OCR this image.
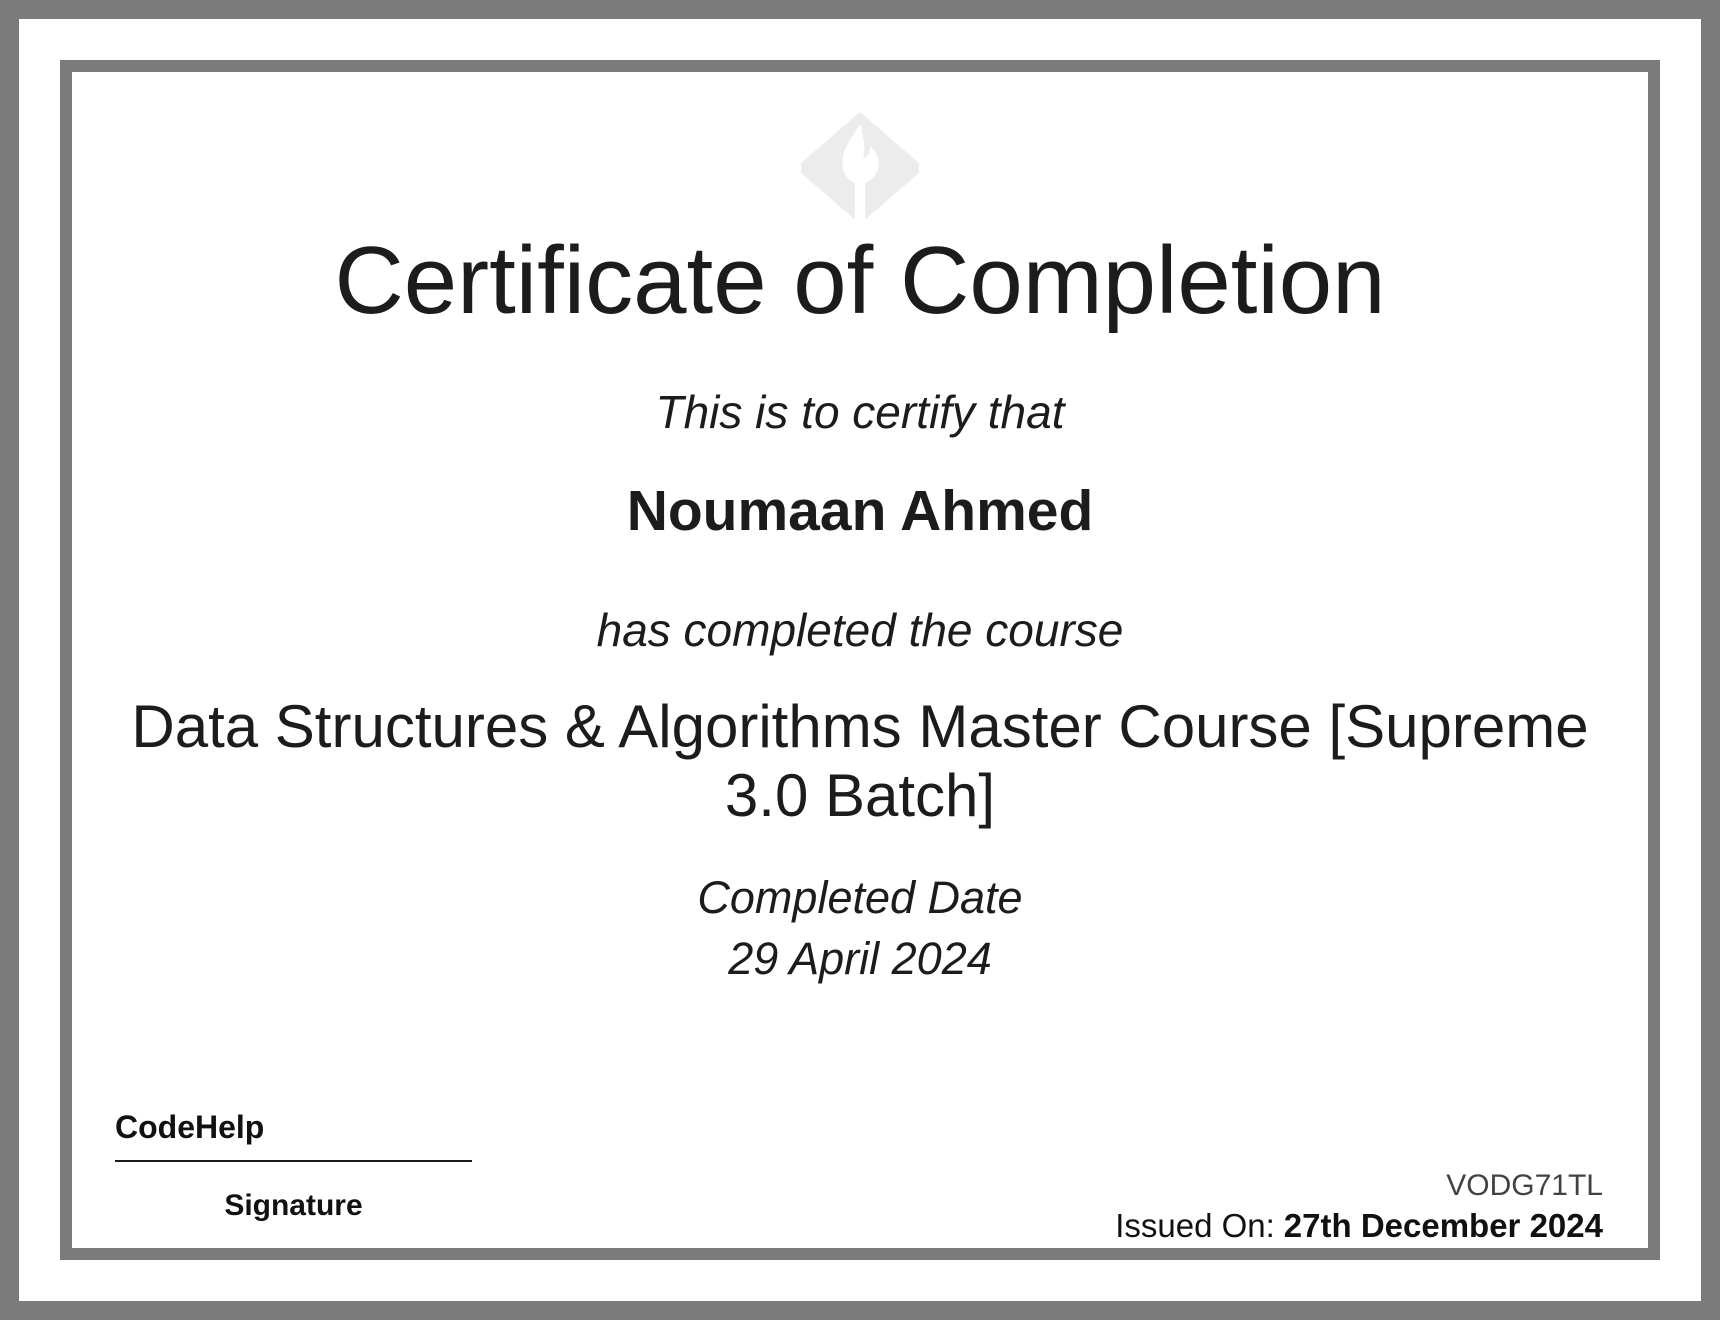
Certificate of Completion
This is to certify that
Noumaan Ahmed
has completed the course
Data Structures & Algorithms Master Course [Supreme
3.0 Batch]
Completed Date
29 April 2024
CodeHelp
Signature
VODG71TL
Issued On: 27th December 2024
